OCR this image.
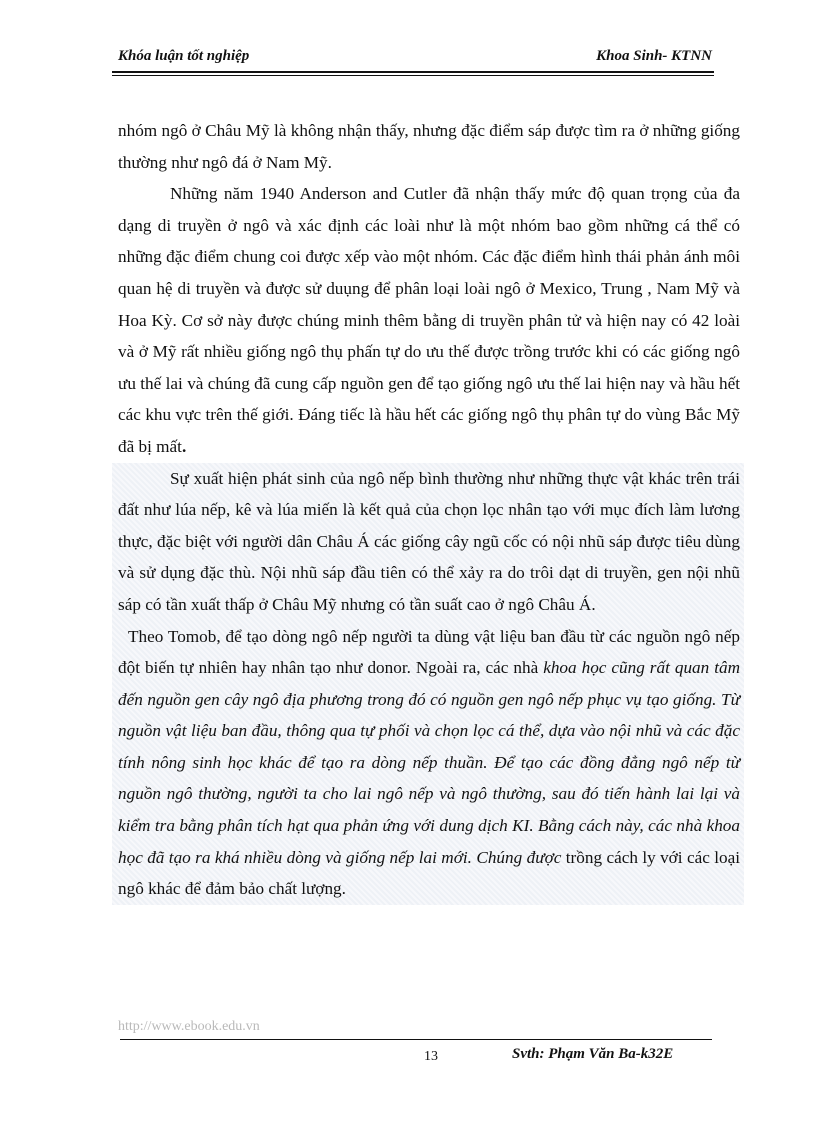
Khóa luận tốt nghiệp	Khoa Sinh- KTNN

nhóm ngô ở Châu Mỹ là không nhận thấy, nhưng đặc điểm sáp được tìm ra ở những giống thường như ngô đá ở Nam Mỹ.

Những năm 1940 Anderson and Cutler đã nhận thấy mức độ quan trọng của đa dạng di truyền ở ngô và xác định các loài như là một nhóm bao gồm những cá thể có những đặc điểm chung coi được xếp vào một nhóm. Các đặc điểm hình thái phản ánh môi quan hệ di truyền và được sử duụng để phân loại loài ngô ở Mexico, Trung , Nam Mỹ và Hoa Kỳ. Cơ sở này được chúng minh thêm bằng di truyền phân tử và hiện nay có 42 loài và ở Mỹ rất nhiều giống ngô thụ phấn tự do ưu thế được trồng trước khi có các giống ngô ưu thế lai và chúng đã cung cấp nguồn gen để tạo giống ngô ưu thế lai hiện nay và hầu hết các khu vực trên thế giới. Đáng tiếc là hầu hết các giống ngô thụ phân tự do vùng Bắc Mỹ đã bị mất.

Sự xuất hiện phát sinh của ngô nếp bình thường như những thực vật khác trên trái đất như lúa nếp, kê và lúa miến là kết quả của chọn lọc nhân tạo với mục đích làm lương thực, đặc biệt với người dân Châu Á các giống cây ngũ cốc có nội nhũ sáp được tiêu dùng và sử dụng đặc thù. Nội nhũ sáp đầu tiên có thể xảy ra do trôi dạt di truyền, gen nội nhũ sáp có tần xuất thấp ở Châu Mỹ nhưng có tần suất cao ở ngô Châu Á.

Theo Tomob, để tạo dòng ngô nếp người ta dùng vật liệu ban đầu từ các nguồn ngô nếp đột biến tự nhiên hay nhân tạo như donor. Ngoài ra, các nhà khoa học cũng rất quan tâm đến nguồn gen cây ngô địa phương trong đó có nguồn gen ngô nếp phục vụ tạo giống. Từ nguồn vật liệu ban đầu, thông qua tự phối và chọn lọc cá thể, dựa vào nội nhũ và các đặc tính nông sinh học khác để tạo ra dòng nếp thuần. Để tạo các đồng đẳng ngô nếp từ nguồn ngô thường, người ta cho lai ngô nếp và ngô thường, sau đó tiến hành lai lại và kiểm tra bằng phân tích hạt qua phản ứng với dung dịch KI. Bằng cách này, các nhà khoa học đã tạo ra khá nhiều dòng và giống nếp lai mới. Chúng được trồng cách ly với các loại ngô khác để đảm bảo chất lượng.

http://www.ebook.edu.vn
13	Svth: Phạm Văn Ba-k32E
